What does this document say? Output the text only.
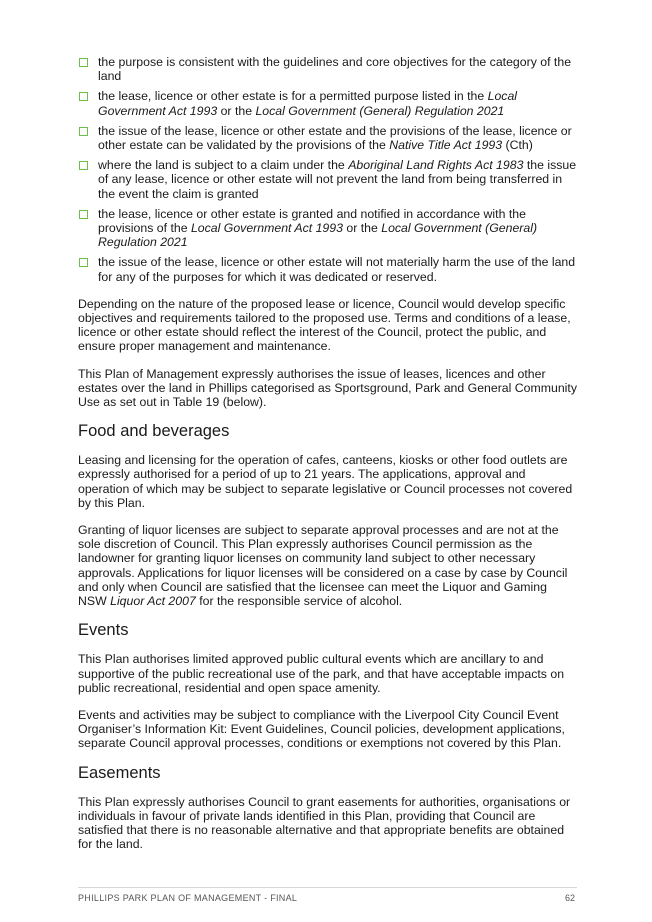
the purpose is consistent with the guidelines and core objectives for the category of the land
the lease, licence or other estate is for a permitted purpose listed in the Local Government Act 1993 or the Local Government (General) Regulation 2021
the issue of the lease, licence or other estate and the provisions of the lease, licence or other estate can be validated by the provisions of the Native Title Act 1993 (Cth)
where the land is subject to a claim under the Aboriginal Land Rights Act 1983 the issue of any lease, licence or other estate will not prevent the land from being transferred in the event the claim is granted
the lease, licence or other estate is granted and notified in accordance with the provisions of the Local Government Act 1993 or the Local Government (General) Regulation 2021
the issue of the lease, licence or other estate will not materially harm the use of the land for any of the purposes for which it was dedicated or reserved.

Depending on the nature of the proposed lease or licence, Council would develop specific objectives and requirements tailored to the proposed use. Terms and conditions of a lease, licence or other estate should reflect the interest of the Council, protect the public, and ensure proper management and maintenance.

This Plan of Management expressly authorises the issue of leases, licences and other estates over the land in Phillips categorised as Sportsground, Park and General Community Use as set out in Table 19 (below).

Food and beverages

Leasing and licensing for the operation of cafes, canteens, kiosks or other food outlets are expressly authorised for a period of up to 21 years. The applications, approval and operation of which may be subject to separate legislative or Council processes not covered by this Plan.

Granting of liquor licenses are subject to separate approval processes and are not at the sole discretion of Council. This Plan expressly authorises Council permission as the landowner for granting liquor licenses on community land subject to other necessary approvals. Applications for liquor licenses will be considered on a case by case by Council and only when Council are satisfied that the licensee can meet the Liquor and Gaming NSW Liquor Act 2007 for the responsible service of alcohol.

Events

This Plan authorises limited approved public cultural events which are ancillary to and supportive of the public recreational use of the park, and that have acceptable impacts on public recreational, residential and open space amenity.

Events and activities may be subject to compliance with the Liverpool City Council Event Organiser’s Information Kit: Event Guidelines, Council policies, development applications, separate Council approval processes, conditions or exemptions not covered by this Plan.

Easements

This Plan expressly authorises Council to grant easements for authorities, organisations or individuals in favour of private lands identified in this Plan, providing that Council are satisfied that there is no reasonable alternative and that appropriate benefits are obtained for the land.

PHILLIPS PARK PLAN OF MANAGEMENT - FINAL	62
